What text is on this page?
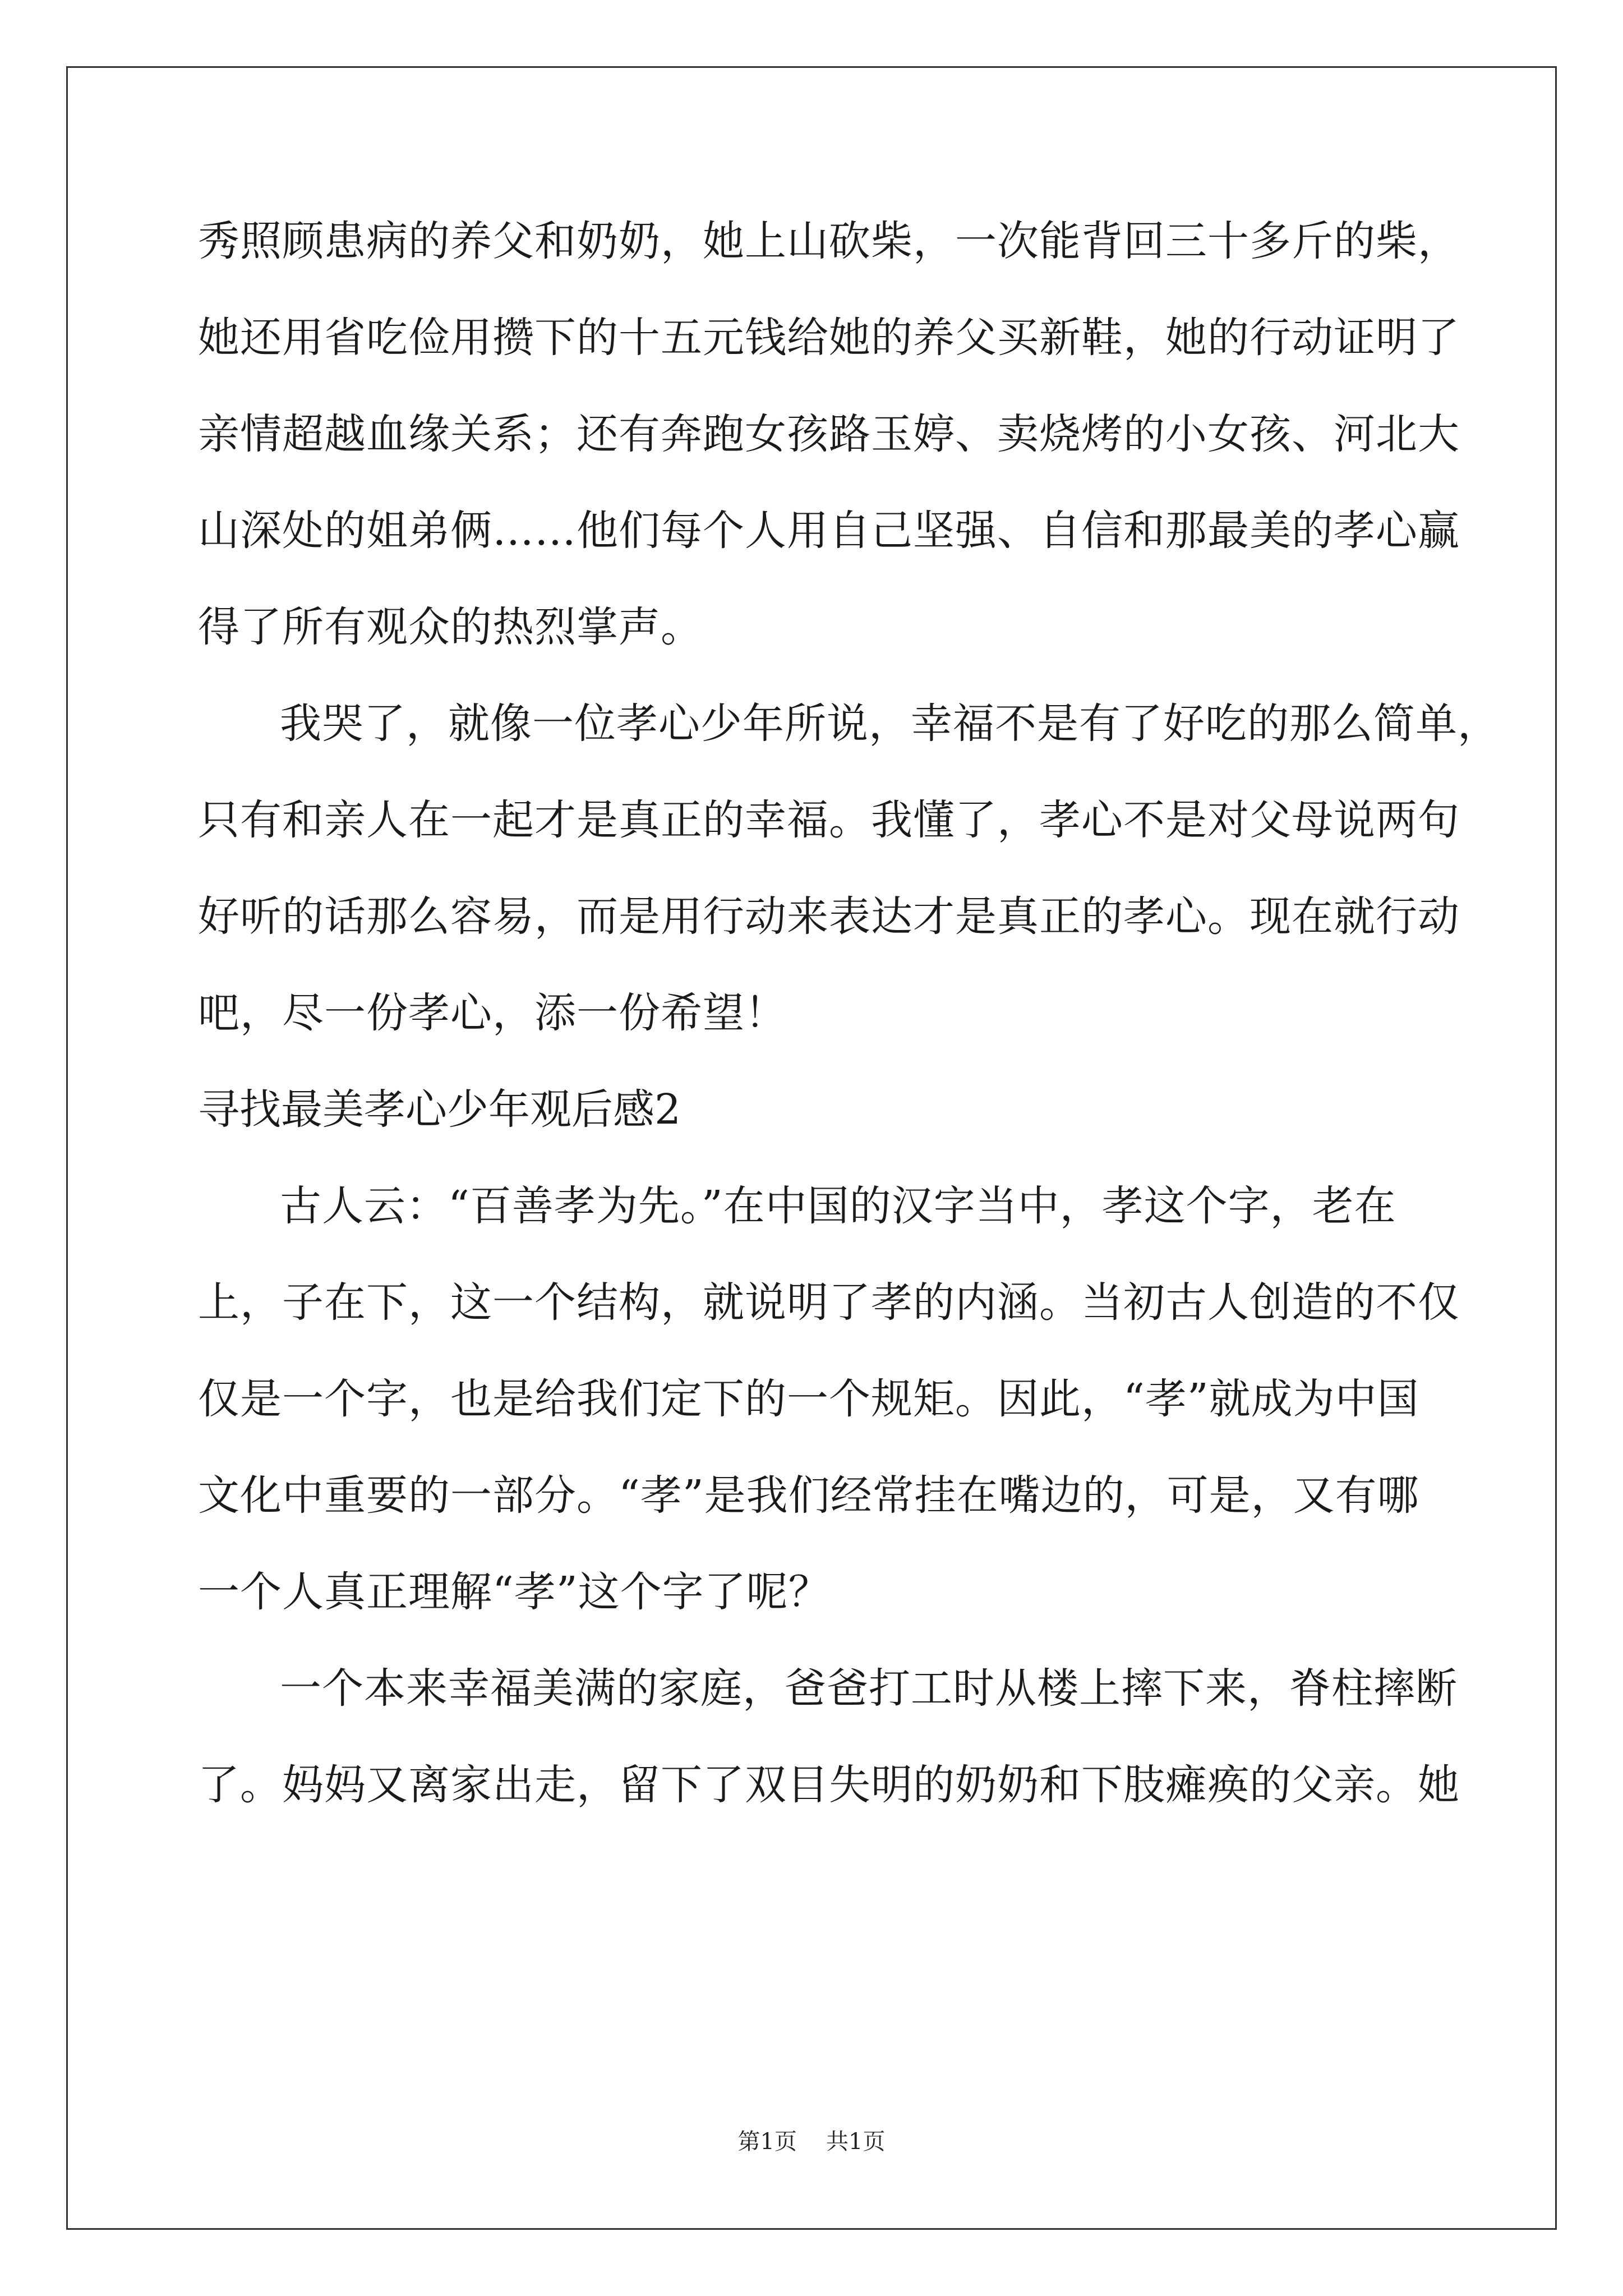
秀照顾患病的养父和奶奶，她上山砍柴，一次能背回三十多斤的柴，
她还用省吃俭用攒下的十五元钱给她的养父买新鞋，她的行动证明了
亲情超越血缘关系；还有奔跑女孩路玉婷、卖烧烤的小女孩、河北大
山深处的姐弟俩……他们每个人用自己坚强、自信和那最美的孝心赢
得了所有观众的热烈掌声。
我哭了，就像一位孝心少年所说，幸福不是有了好吃的那么简单，
只有和亲人在一起才是真正的幸福。我懂了，孝心不是对父母说两句
好听的话那么容易，而是用行动来表达才是真正的孝心。现在就行动
吧，尽一份孝心，添一份希望！
寻找最美孝心少年观后感2
古人云：“百善孝为先。”在中国的汉字当中，孝这个字，老在
上，子在下，这一个结构，就说明了孝的内涵。当初古人创造的不仅
仅是一个字，也是给我们定下的一个规矩。因此，“孝”就成为中国
文化中重要的一部分。“孝”是我们经常挂在嘴边的，可是，又有哪
一个人真正理解“孝”这个字了呢？
一个本来幸福美满的家庭，爸爸打工时从楼上摔下来，脊柱摔断
了。妈妈又离家出走，留下了双目失明的奶奶和下肢瘫痪的父亲。她
第1页 共1页
